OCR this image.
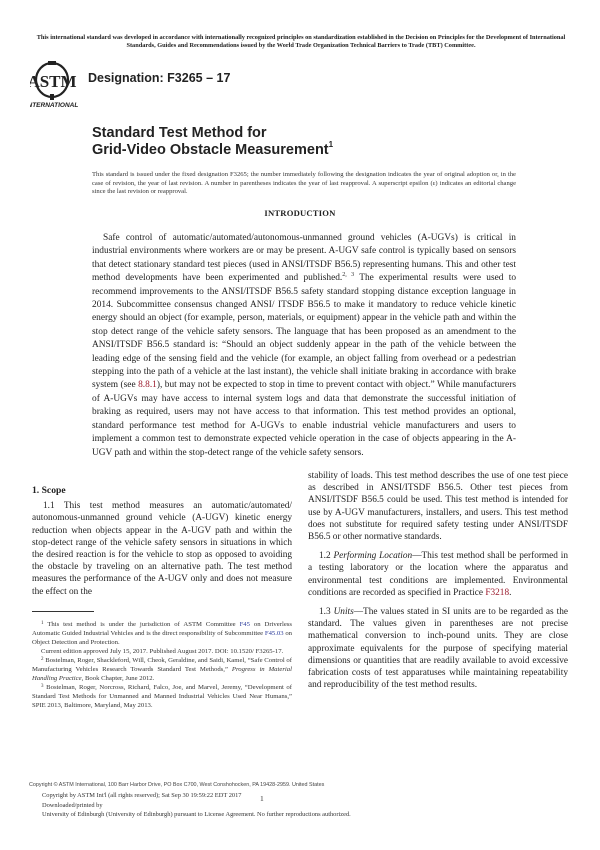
This international standard was developed in accordance with internationally recognized principles on standardization established in the Decision on Principles for the Development of International Standards, Guides and Recommendations issued by the World Trade Organization Technical Barriers to Trade (TBT) Committee.
ASTM
INTERNATIONAL
Designation: F3265 – 17
Standard Test Method for
Grid-Video Obstacle Measurement$^1$
This standard is issued under the fixed designation F3265; the number immediately following the designation indicates the year of original adoption or, in the case of revision, the year of last revision. A number in parentheses indicates the year of last reapproval. A superscript epsilon (ε) indicates an editorial change since the last revision or reapproval.
INTRODUCTION
Safe control of automatic/automated/autonomous-unmanned ground vehicles (A-UGVs) is critical in industrial environments where workers are or may be present. A-UGV safe control is typically based on sensors that detect stationary standard test pieces (used in ANSI/ITSDF B56.5) representing humans. This and other test method developments have been experimented and published.$^{2, 3}$ The experimental results were used to recommend improvements to the ANSI/ITSDF B56.5 safety standard stopping distance exception language in 2014. Subcommittee consensus changed ANSI/ ITSDF B56.5 to make it mandatory to reduce vehicle kinetic energy should an object (for example, person, materials, or equipment) appear in the vehicle path and within the stop detect range of the vehicle safety sensors. The language that has been proposed as an amendment to the ANSI/ITSDF B56.5 standard is: “Should an object suddenly appear in the path of the vehicle between the leading edge of the sensing field and the vehicle (for example, an object falling from overhead or a pedestrian stepping into the path of a vehicle at the last instant), the vehicle shall initiate braking in accordance with brake system (see 8.8.1), but may not be expected to stop in time to prevent contact with object.” While manufacturers of A-UGVs may have access to internal system logs and data that demonstrate the successful initiation of braking as required, users may not have access to that information. This test method provides an optional, standard performance test method for A-UGVs to enable industrial vehicle manufacturers and users to implement a common test to demonstrate expected vehicle operation in the case of objects appearing in the A-UGV path and within the stop-detect range of the vehicle safety sensors.

1. Scope

1.1 This test method measures an automatic/automated/ autonomous-unmanned ground vehicle (A-UGV) kinetic energy reduction when objects appear in the A-UGV path and within the stop-detect range of the vehicle safety sensors in situations in which the desired reaction is for the vehicle to stop as opposed to avoiding the obstacle by traveling on an alternative path. The test method measures the performance of the A-UGV only and does not measure the effect on the

$^1$ This test method is under the jurisdiction of ASTM Committee F45 on Driverless Automatic Guided Industrial Vehicles and is the direct responsibility of Subcommittee F45.03 on Object Detection and Protection.

Current edition approved July 15, 2017. Published August 2017. DOI: 10.1520/ F3265-17.

$^2$ Bostelman, Roger, Shackleford, Will, Cheok, Geraldine, and Saidi, Kamel, “Safe Control of Manufacturing Vehicles Research Towards Standard Test Methods,” Progress in Material Handling Practice, Book Chapter, June 2012.

$^3$ Bostelman, Roger, Norcross, Richard, Falco, Joe, and Marvel, Jeremy, “Development of Standard Test Methods for Unmanned and Manned Industrial Vehicles Used Near Humans,” SPIE 2013, Baltimore, Maryland, May 2013.

stability of loads. This test method describes the use of one test piece as described in ANSI/ITSDF B56.5. Other test pieces from ANSI/ITSDF B56.5 could be used. This test method is intended for use by A-UGV manufacturers, installers, and users. This test method does not substitute for required safety testing under ANSI/ITSDF B56.5 or other normative standards.

1.2 Performing Location—This test method shall be performed in a testing laboratory or the location where the apparatus and environmental test conditions are implemented. Environmental conditions are recorded as specified in Practice F3218.

1.3 Units—The values stated in SI units are to be regarded as the standard. The values given in parentheses are not precise mathematical conversion to inch-pound units. They are close approximate equivalents for the purpose of specifying material dimensions or quantities that are readily available to avoid excessive fabrication costs of test apparatuses while maintaining repeatability and reproducibility of the test method results.

Copyright © ASTM International, 100 Barr Harbor Drive, PO Box C700, West Conshohocken, PA 19428-2959. United States
Copyright by ASTM Int'l (all rights reserved); Sat Sep 30 19:59:22 EDT 2017
Downloaded/printed by
University of Edinburgh (University of Edinburgh) pursuant to License Agreement. No further reproductions authorized.
1
